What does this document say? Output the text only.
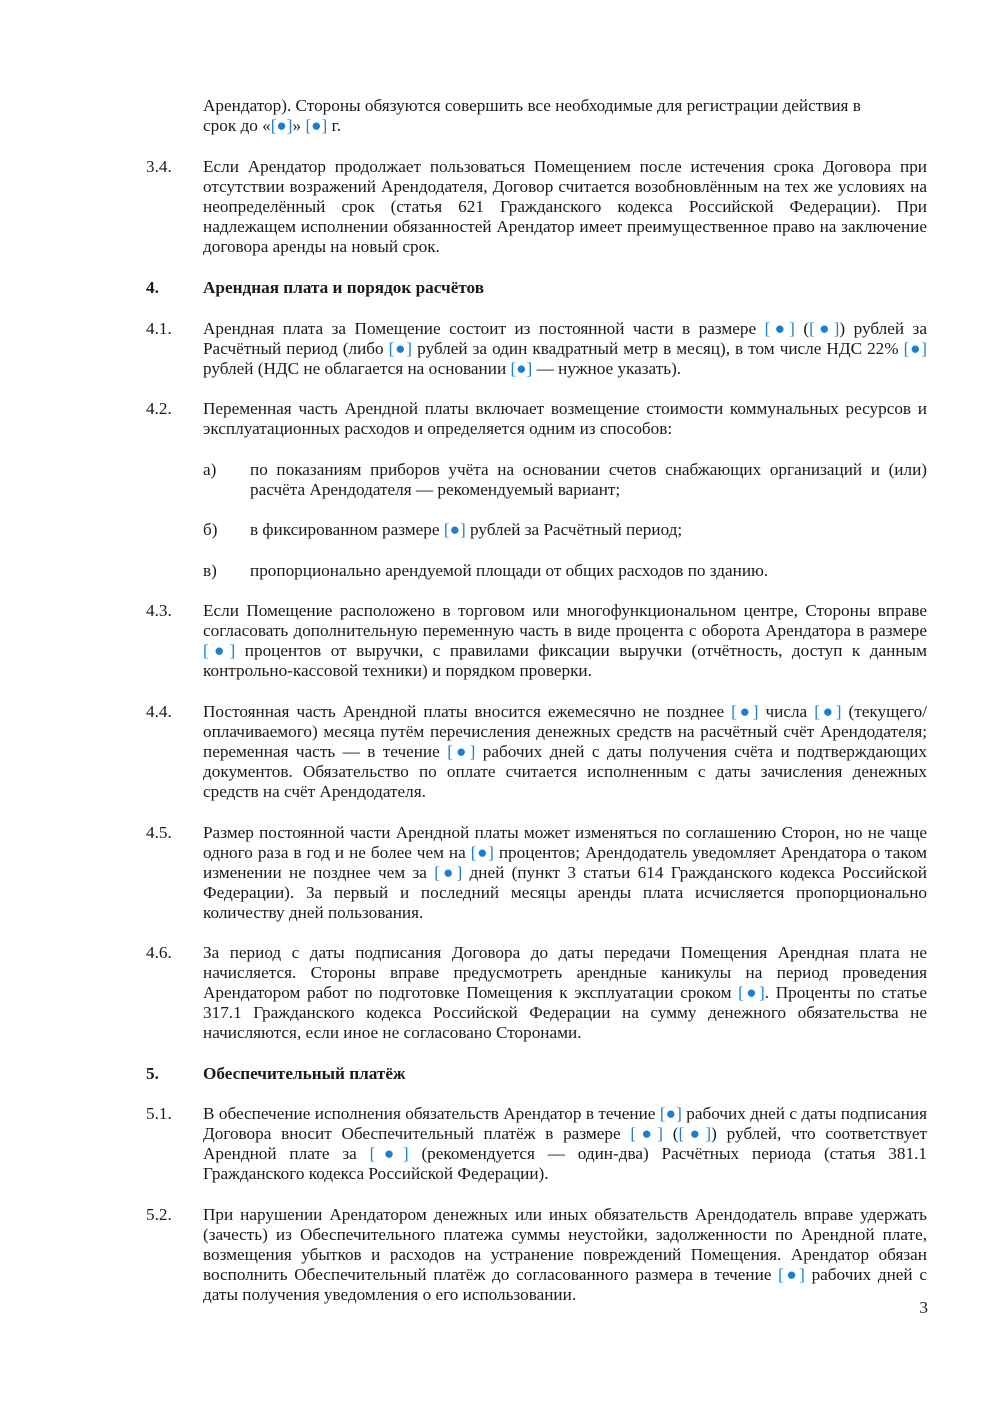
Арендатор). Стороны обязуются совершить все необходимые для регистрации действия в
срок до «[●]» [●] г.
3.4.	Если Арендатор продолжает пользоваться Помещением после истечения срока Договора при отсутствии возражений Арендодателя, Договор считается возобновлённым на тех же условиях на неопределённый срок (статья 621 Гражданского кодекса Российской Федерации). При надлежащем исполнении обязанностей Арендатор имеет преимущественное право на заключение договора аренды на новый срок.
4.	Арендная плата и порядок расчётов
4.1.	Арендная плата за Помещение состоит из постоянной части в размере [●] ([●]) рублей за Расчётный период (либо [●] рублей за один квадратный метр в месяц), в том числе НДС 22% [●] рублей (НДС не облагается на основании [●] — нужное указать).
4.2.	Переменная часть Арендной платы включает возмещение стоимости коммунальных ресурсов и эксплуатационных расходов и определяется одним из способов:
а)	по показаниям приборов учёта на основании счетов снабжающих организаций и (или) расчёта Арендодателя — рекомендуемый вариант;
б)	в фиксированном размере [●] рублей за Расчётный период;
в)	пропорционально арендуемой площади от общих расходов по зданию.
4.3.	Если Помещение расположено в торговом или многофункциональном центре, Стороны вправе согласовать дополнительную переменную часть в виде процента с оборота Арендатора в размере [●] процентов от выручки, с правилами фиксации выручки (отчётность, доступ к данным контрольно-кассовой техники) и порядком проверки.
4.4.	Постоянная часть Арендной платы вносится ежемесячно не позднее [●] числа [●] (текущего/оплачиваемого) месяца путём перечисления денежных средств на расчётный счёт Арендодателя; переменная часть — в течение [●] рабочих дней с даты получения счёта и подтверждающих документов. Обязательство по оплате считается исполненным с даты зачисления денежных средств на счёт Арендодателя.
4.5.	Размер постоянной части Арендной платы может изменяться по соглашению Сторон, но не чаще одного раза в год и не более чем на [●] процентов; Арендодатель уведомляет Арендатора о таком изменении не позднее чем за [●] дней (пункт 3 статьи 614 Гражданского кодекса Российской Федерации). За первый и последний месяцы аренды плата исчисляется пропорционально количеству дней пользования.
4.6.	За период с даты подписания Договора до даты передачи Помещения Арендная плата не начисляется. Стороны вправе предусмотреть арендные каникулы на период проведения Арендатором работ по подготовке Помещения к эксплуатации сроком [●]. Проценты по статье 317.1 Гражданского кодекса Российской Федерации на сумму денежного обязательства не начисляются, если иное не согласовано Сторонами.
5.	Обеспечительный платёж
5.1.	В обеспечение исполнения обязательств Арендатор в течение [●] рабочих дней с даты подписания Договора вносит Обеспечительный платёж в размере [●] ([●]) рублей, что соответствует Арендной плате за [●] (рекомендуется — один-два) Расчётных периода (статья 381.1 Гражданского кодекса Российской Федерации).
5.2.	При нарушении Арендатором денежных или иных обязательств Арендодатель вправе удержать (зачесть) из Обеспечительного платежа суммы неустойки, задолженности по Арендной плате, возмещения убытков и расходов на устранение повреждений Помещения. Арендатор обязан восполнить Обеспечительный платёж до согласованного размера в течение [●] рабочих дней с даты получения уведомления о его использовании.
3
